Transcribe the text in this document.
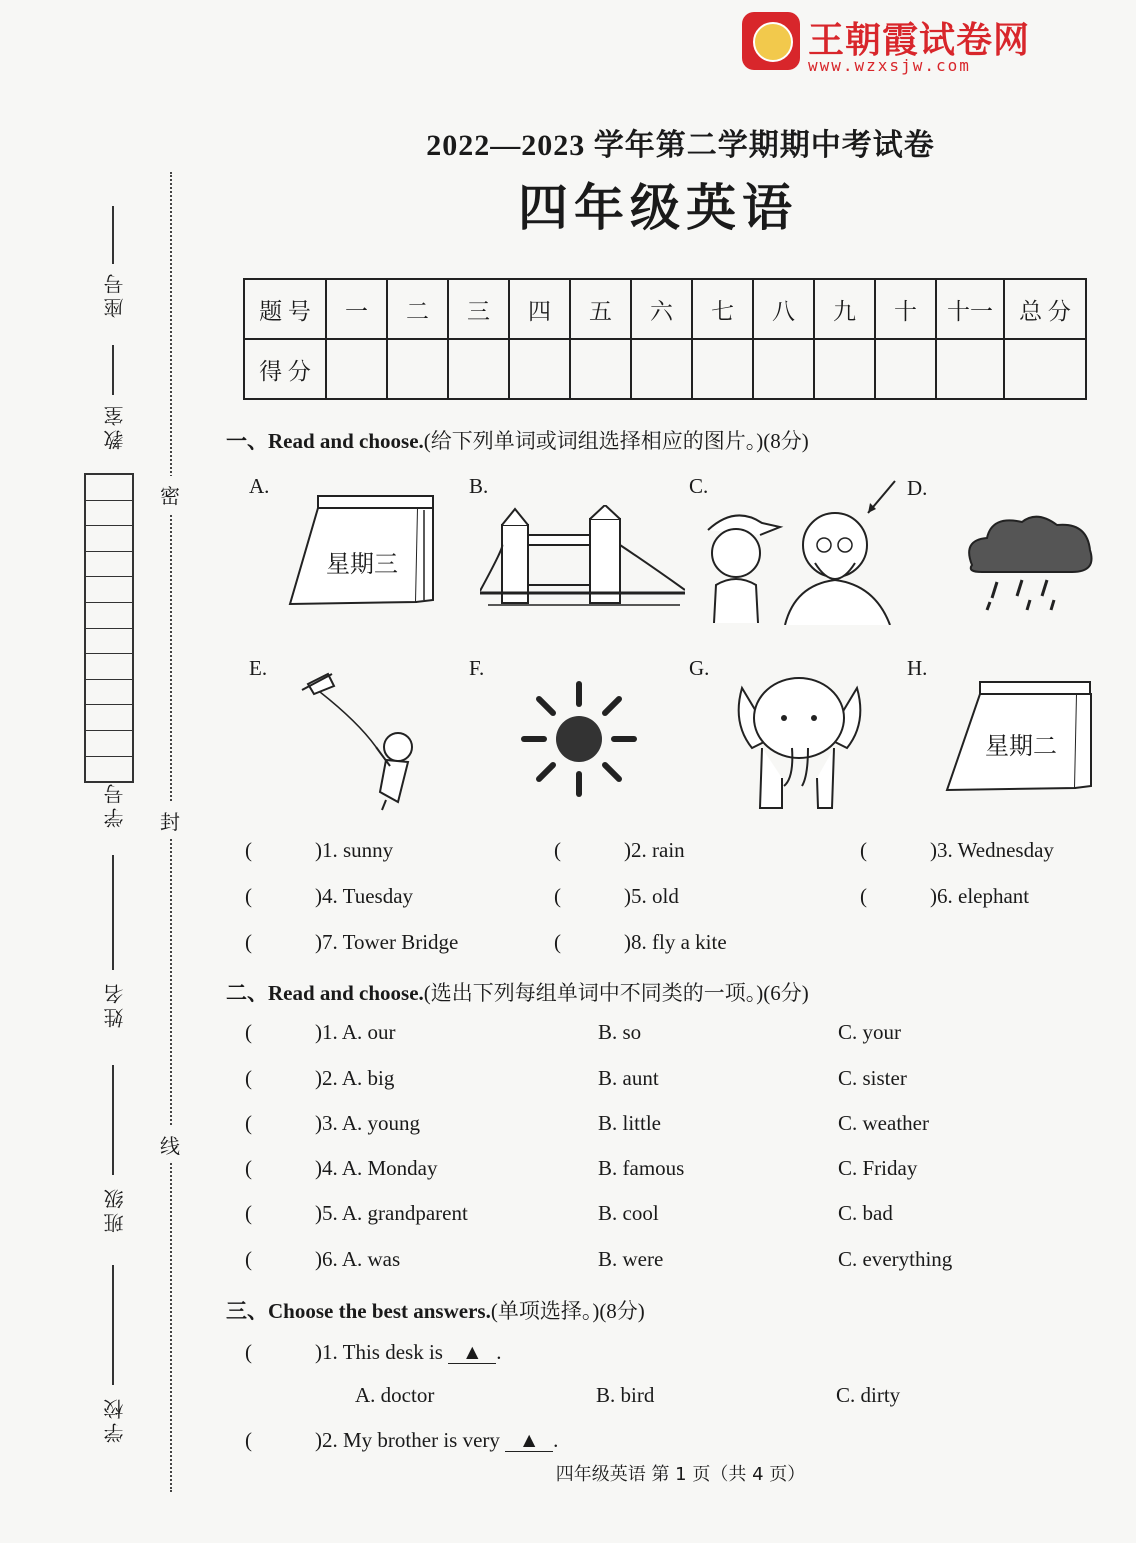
王朝霞试卷网
www.wzxsjw.com
2022—2023 学年第二学期期中考试卷
四年级英语
题 号	一	二	三	四	五	六	七	八	九	十	十一	总 分
得 分												
座号
教室
学号
姓名
班级
学校
密
封
线
一、Read and choose.(给下列单词或词组选择相应的图片。)(8分)
A.	B.	C.	D.
E.	F.	G.	H.
星期三
星期二
(            )1. sunny	(            )2. rain	(            )3. Wednesday
(            )4. Tuesday	(            )5. old	(            )6. elephant
(            )7. Tower Bridge	(            )8. fly a kite
二、Read and choose.(选出下列每组单词中不同类的一项。)(6分)
(            )1. A. our	B. so	C. your
(            )2. A. big	B. aunt	C. sister
(            )3. A. young	B. little	C. weather
(            )4. A. Monday	B. famous	C. Friday
(            )5. A. grandparent	B. cool	C. bad
(            )6. A. was	B. were	C. everything
三、Choose the best answers.(单项选择。)(8分)
(            )1. This desk is ▲ .
A. doctor	B. bird	C. dirty
(            )2. My brother is very ▲ .
四年级英语 第 1 页（共 4 页）
